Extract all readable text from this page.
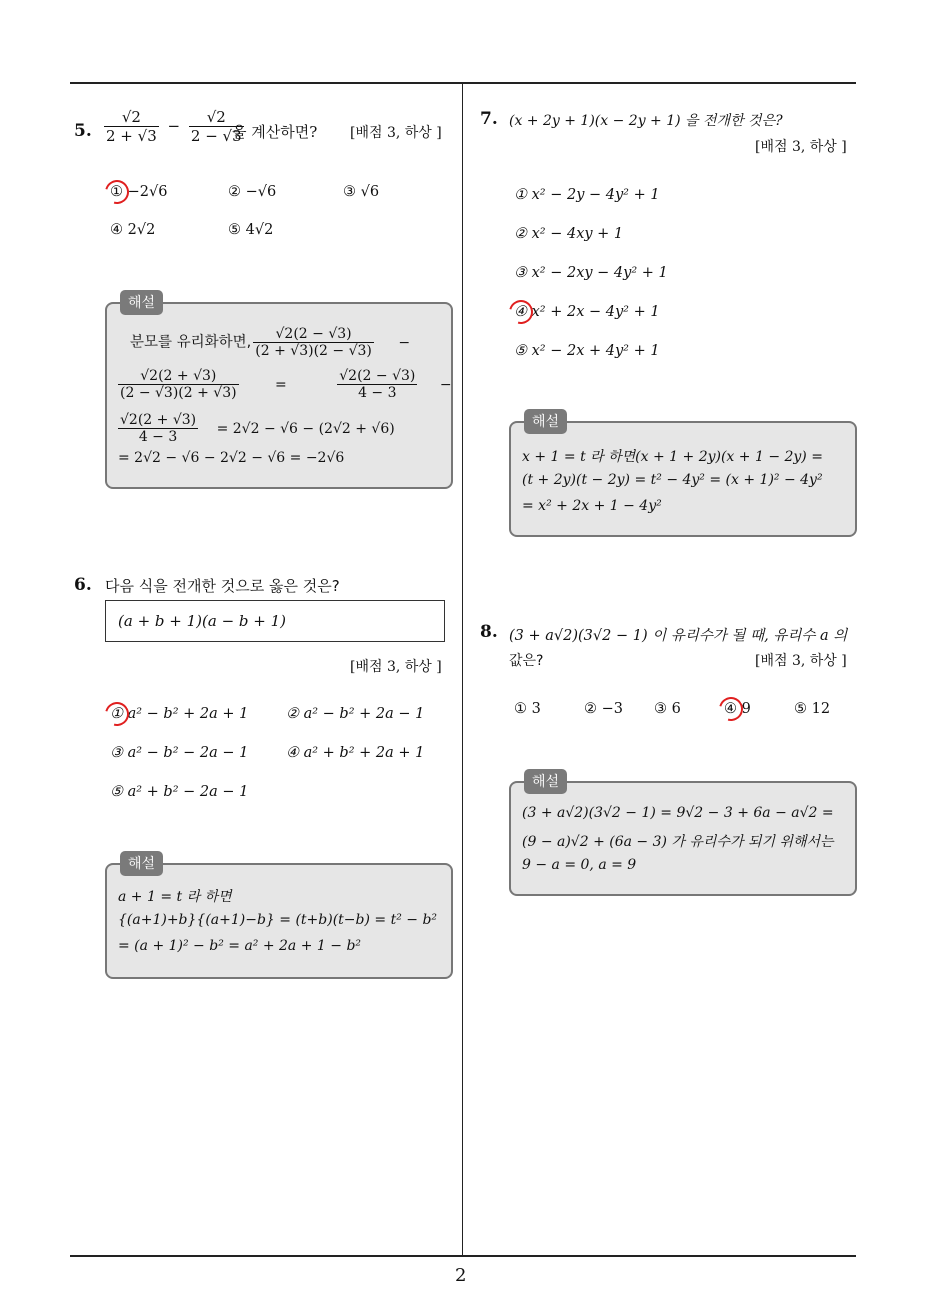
2
5. $\frac{√2}{2 + √3} - \frac{√2}{2 - √3}$
을 계산하면? [배점 3, 하상 ]
① −2√6	② −√6	③ √6
④ 2√2	⑤ 4√2
해설
분모를 유리화하면, $\frac{√2(2 - √3)}{(2 + √3)(2 - √3)}$ −
$\frac{√2(2 + √3)}{(2 - √3)(2 + √3)}$	=	$\frac{√2(2 - √3)}{4 - 3}$ −
$\frac{√2(2 + √3)}{4 - 3} = 2√2 - √6 - (2√2 + √6)$
= 2√2 − √6 − 2√2 − √6 = −2√6
6. 다음 식을 전개한 것으로 옳은 것은?
(a + b + 1)(a − b + 1)
[배점 3, 하상 ]
① a² − b² + 2a + 1	② a² − b² + 2a − 1
③ a² − b² − 2a − 1	④ a² + b² + 2a + 1
⑤ a² + b² − 2a − 1
해설
a + 1 = t 라 하면
{(a+1)+b}{(a+1)−b} = (t+b)(t−b) = t² − b²
= (a + 1)² − b² = a² + 2a + 1 − b²
7. (x + 2y + 1)(x − 2y + 1) 을 전개한 것은?
[배점 3, 하상 ]
① x² − 2y − 4y² + 1
② x² − 4xy + 1
③ x² − 2xy − 4y² + 1
④ x² + 2x − 4y² + 1
⑤ x² − 2x + 4y² + 1
해설
x + 1 = t 라 하면(x + 1 + 2y)(x + 1 − 2y) =
(t + 2y)(t − 2y) = t² − 4y² = (x + 1)² − 4y²
= x² + 2x + 1 − 4y²
8. (3 + a√2)(3√2 − 1) 이 유리수가 될 때, 유리수 a 의
값은?	[배점 3, 하상 ]
① 3	② −3 ③ 6	④ 9	⑤ 12
해설
(3 + a√2)(3√2 − 1) = 9√2 − 3 + 6a − a√2 =
(9 − a)√2 + (6a − 3) 가 유리수가 되기 위해서는
9 − a = 0, a = 9
